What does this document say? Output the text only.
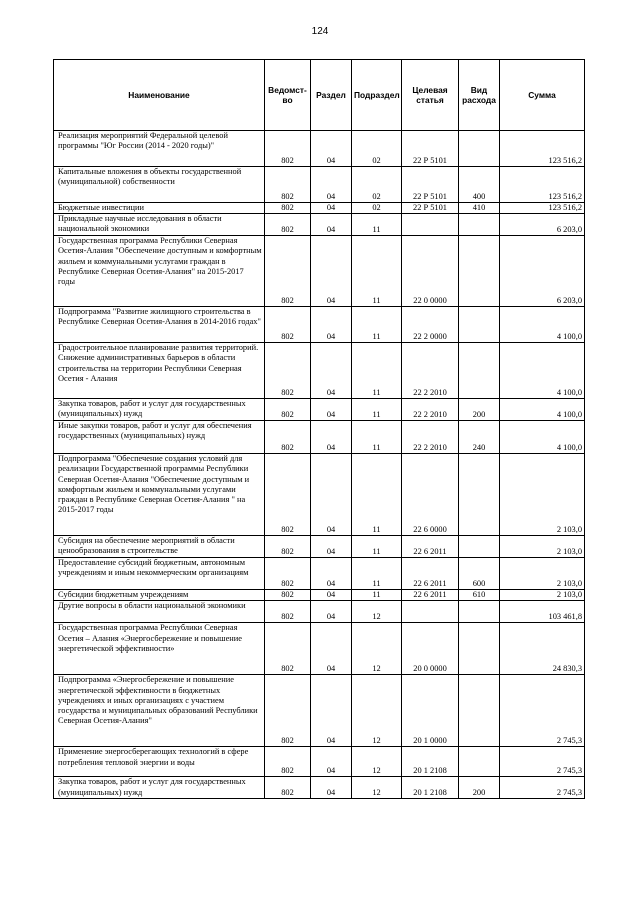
124
Наименование	Ведомст-во	Раздел	Подраздел	Целевая статья	Вид расхода	Сумма
Реализация мероприятий Федеральной целевой программы "Юг России (2014 - 2020 годы)"	802	04	02	22 Р 5101		123 516,2
Капитальные вложения в объекты государственной (муниципальной) собственности	802	04	02	22 Р 5101	400	123 516,2
Бюджетные инвестиции	802	04	02	22 Р 5101	410	123 516,2
Прикладные научные исследования в области национальной экономики	802	04	11			6 203,0
Государственная программа Республики Северная Осетия-Алания "Обеспечение доступным и комфортным жильем и коммунальными услугами граждан в Республике Северная Осетия-Алания" на 2015-2017 годы	802	04	11	22 0 0000		6 203,0
Подпрограмма "Развитие жилищного строительства в Республике Северная Осетия-Алания в 2014-2016 годах"	802	04	11	22 2 0000		4 100,0
Градостроительное планирование развития территорий. Снижение административных барьеров в области строительства на территории Республики Северная Осетия - Алания	802	04	11	22 2 2010		4 100,0
Закупка товаров, работ и услуг для государственных (муниципальных) нужд	802	04	11	22 2 2010	200	4 100,0
Иные закупки товаров, работ и услуг для обеспечения государственных (муниципальных) нужд	802	04	11	22 2 2010	240	4 100,0
Подпрограмма "Обеспечение создания условий для реализации Государственной программы Республики Северная Осетия-Алания "Обеспечение доступным и комфортным жильем и коммунальными услугами граждан в Республике Северная Осетия-Алания " на 2015-2017 годы	802	04	11	22 6 0000		2 103,0
Субсидия на обеспечение мероприятий в области ценообразования в строительстве	802	04	11	22 6 2011		2 103,0
Предоставление субсидий бюджетным, автономным учреждениям и иным некоммерческим организациям	802	04	11	22 6 2011	600	2 103,0
Субсидии бюджетным учреждениям	802	04	11	22 6 2011	610	2 103,0
Другие вопросы в области национальной экономики	802	04	12			103 461,8
Государственная программа Республики Северная Осетия – Алания «Энергосбережение и повышение энергетической эффективности»	802	04	12	20 0 0000		24 830,3
Подпрограмма «Энергосбережение и повышение энергетической эффективности в бюджетных учреждениях и иных организациях с участием государства и муниципальных образований Республики Северная Осетия-Алания"	802	04	12	20 1 0000		2 745,3
Применение энергосберегающих технологий в сфере потребления тепловой энергии и воды	802	04	12	20 1 2108		2 745,3
Закупка товаров, работ и услуг для государственных (муниципальных) нужд	802	04	12	20 1 2108	200	2 745,3
